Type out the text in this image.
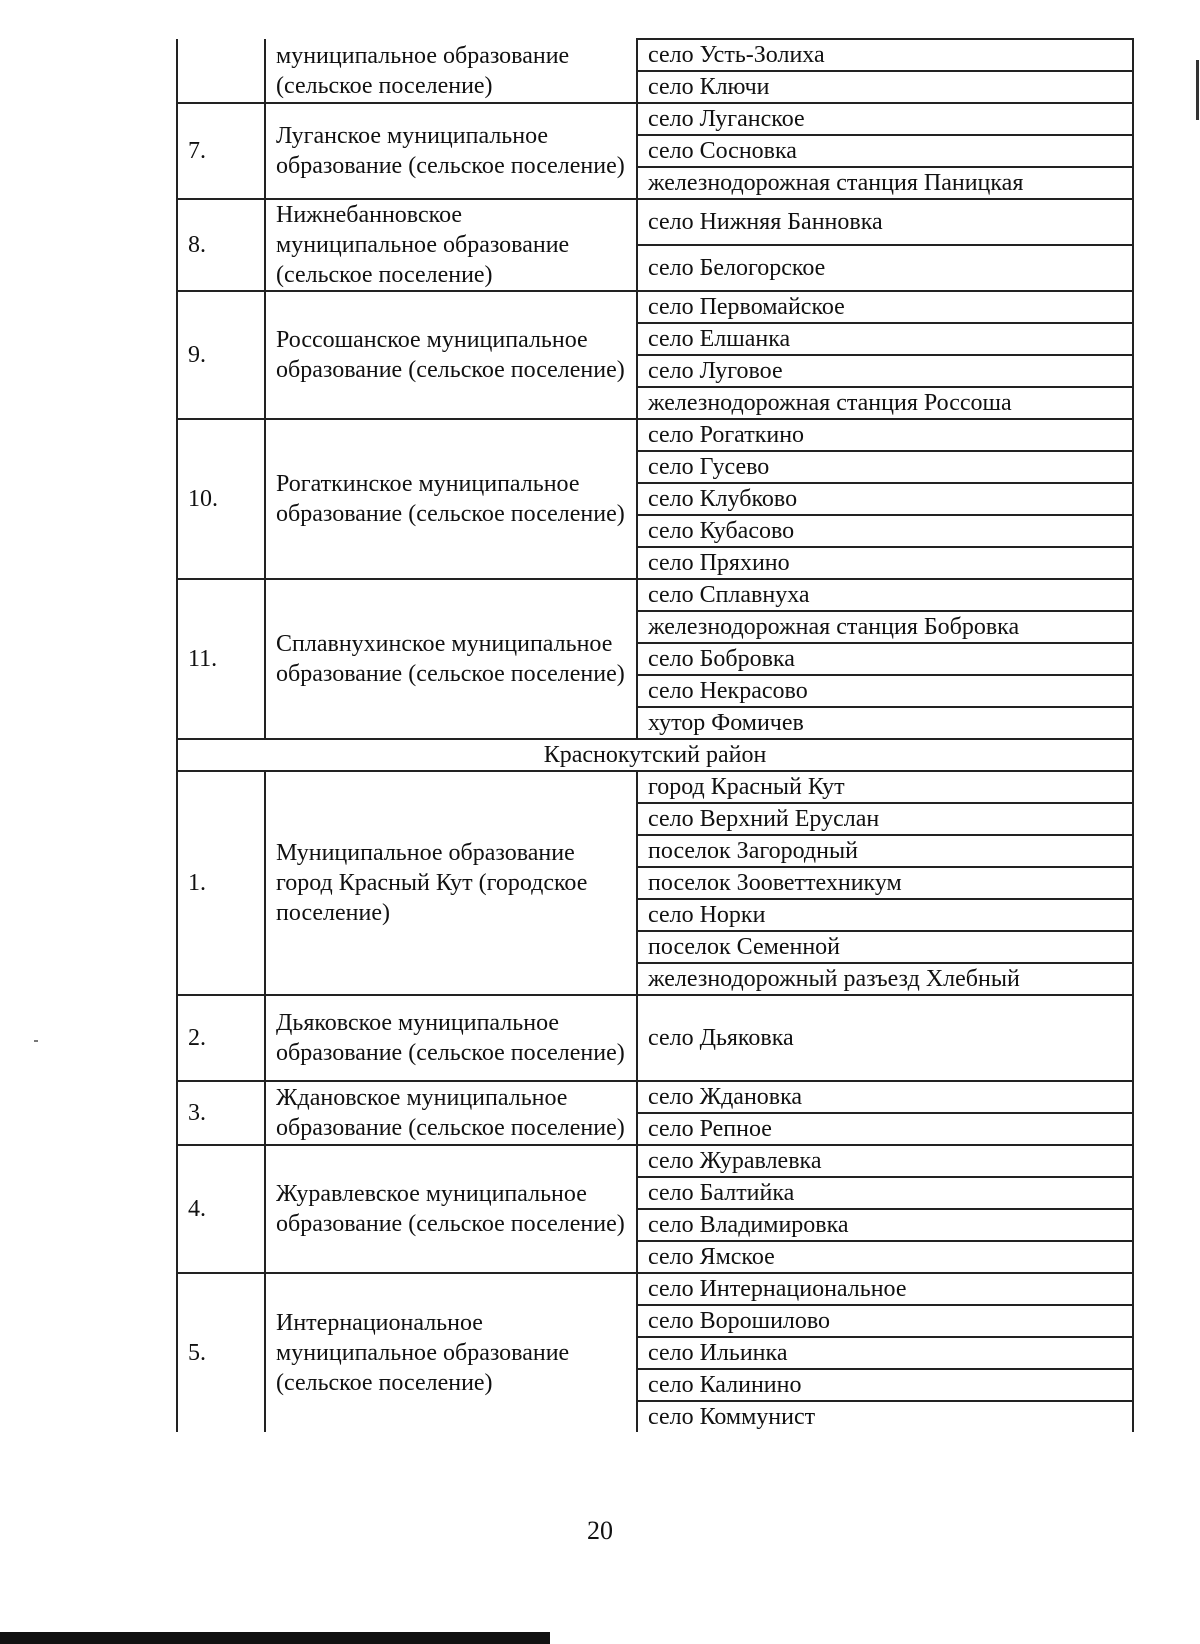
	муниципальное образование (сельское поселение)	село Усть-Золиха
		село Ключи
7.	Луганское муниципальное образование (сельское поселение)	село Луганское
		село Сосновка
		железнодорожная станция Паницкая
8.	Нижнебанновское муниципальное образование (сельское поселение)	село Нижняя Банновка
		село Белогорское
9.	Россошанское муниципальное образование (сельское поселение)	село Первомайское
		село Елшанка
		село Луговое
		железнодорожная станция Россоша
10.	Рогаткинское муниципальное образование (сельское поселение)	село Рогаткино
		село Гусево
		село Клубково
		село Кубасово
		село Пряхино
11.	Сплавнухинское муниципальное образование (сельское поселение)	село Сплавнуха
		железнодорожная станция Бобровка
		село Бобровка
		село Некрасово
		хутор Фомичев
Краснокутский район		
1.	Муниципальное образование город Красный Кут (городское поселение)	город Красный Кут
		село Верхний Еруслан
		поселок Загородный
		поселок Зооветтехникум
		село Норки
		поселок Семенной
		железнодорожный разъезд Хлебный
2.	Дьяковское муниципальное образование (сельское поселение)	село Дьяковка
3.	Ждановское муниципальное образование (сельское поселение)	село Ждановка
		село Репное
4.	Журавлевское муниципальное образование (сельское поселение)	село Журавлевка
		село Балтийка
		село Владимировка
		село Ямское
5.	Интернациональное муниципальное образование (сельское поселение)	село Интернациональное
		село Ворошилово
		село Ильинка
		село Калинино
		село Коммунист
20
